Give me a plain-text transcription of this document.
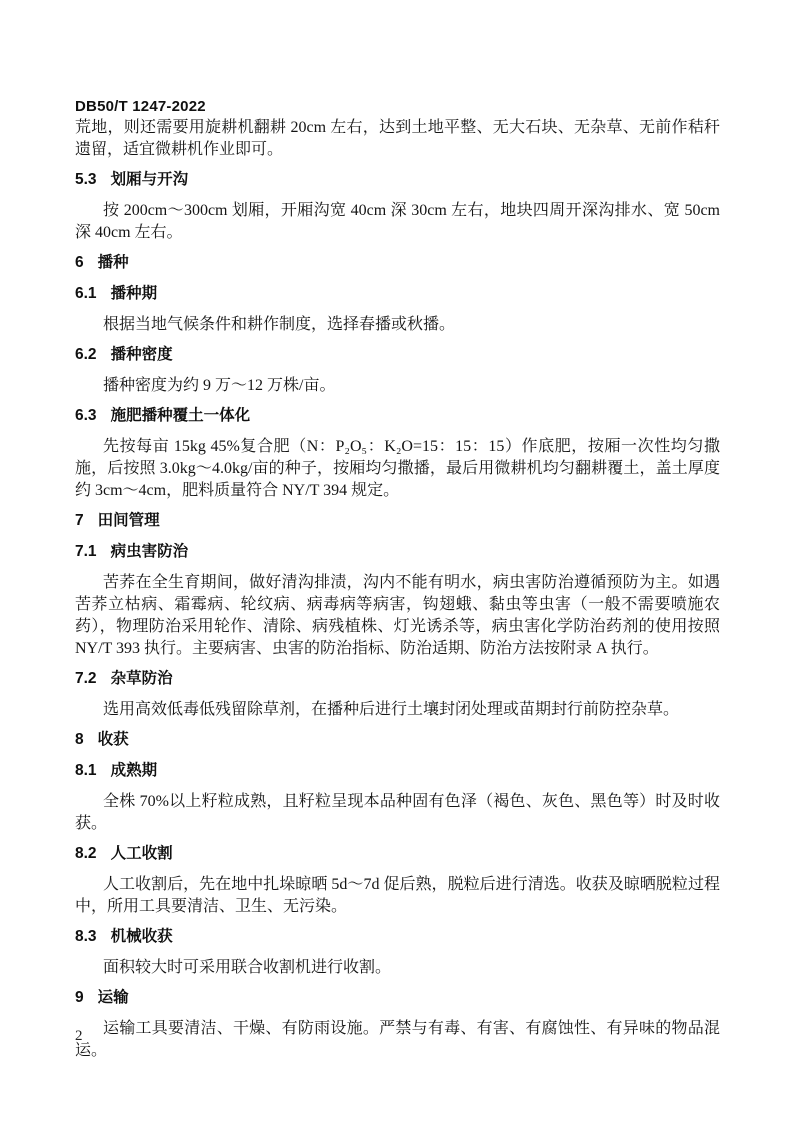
DB50/T 1247-2022

荒地，则还需要用旋耕机翻耕 20cm 左右，达到土地平整、无大石块、无杂草、无前作秸秆遗留，适宜微耕机作业即可。

5.3 划厢与开沟

按 200cm～300cm 划厢，开厢沟宽 40cm 深 30cm 左右，地块四周开深沟排水、宽 50cm 深 40cm 左右。

6 播种
6.1 播种期

根据当地气候条件和耕作制度，选择春播或秋播。

6.2 播种密度

播种密度为约 9 万～12 万株/亩。

6.3 施肥播种覆土一体化

先按每亩 15kg 45%复合肥（N：P₂O₅：K₂O=15：15：15）作底肥，按厢一次性均匀撒施，后按照 3.0kg～4.0kg/亩的种子，按厢均匀撒播，最后用微耕机均匀翻耕覆土，盖土厚度约 3cm～4cm，肥料质量符合 NY/T 394 规定。

7 田间管理
7.1 病虫害防治

苦荞在全生育期间，做好清沟排渍，沟内不能有明水，病虫害防治遵循预防为主。如遇苦荞立枯病、霜霉病、轮纹病、病毒病等病害，钩翅蛾、黏虫等虫害（一般不需要喷施农药），物理防治采用轮作、清除、病残植株、灯光诱杀等，病虫害化学防治药剂的使用按照 NY/T 393 执行。主要病害、虫害的防治指标、防治适期、防治方法按附录 A 执行。

7.2 杂草防治

选用高效低毒低残留除草剂，在播种后进行土壤封闭处理或苗期封行前防控杂草。

8 收获
8.1 成熟期

全株 70%以上籽粒成熟，且籽粒呈现本品种固有色泽（褐色、灰色、黑色等）时及时收获。

8.2 人工收割

人工收割后，先在地中扎垛晾晒 5d～7d 促后熟，脱粒后进行清选。收获及晾晒脱粒过程中，所用工具要清洁、卫生、无污染。

8.3 机械收获

面积较大时可采用联合收割机进行收割。

9 运输

运输工具要清洁、干燥、有防雨设施。严禁与有毒、有害、有腐蚀性、有异味的物品混运。

2
